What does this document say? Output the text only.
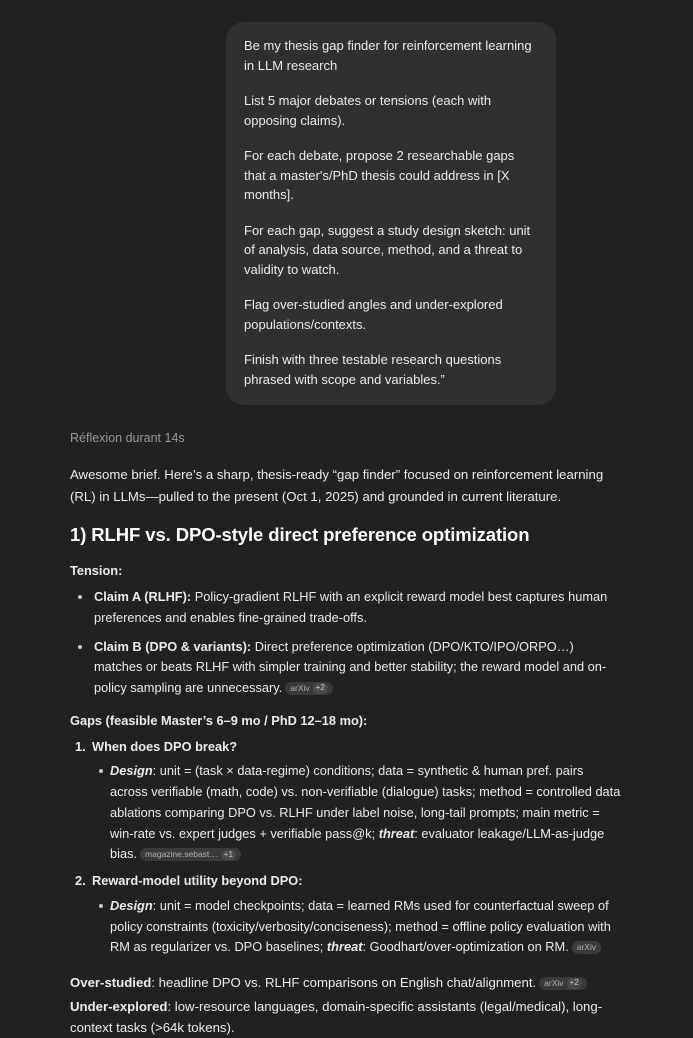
Be my thesis gap finder for reinforcement learning in LLM research

List 5 major debates or tensions (each with opposing claims).

For each debate, propose 2 researchable gaps that a master's/PhD thesis could address in [X months].

For each gap, suggest a study design sketch: unit of analysis, data source, method, and a threat to validity to watch.

Flag over-studied angles and under-explored populations/contexts.

Finish with three testable research questions phrased with scope and variables.”

Réflexion durant 14s

Awesome brief. Here’s a sharp, thesis-ready “gap finder” focused on reinforcement learning (RL) in LLMs—pulled to the present (Oct 1, 2025) and grounded in current literature.

1) RLHF vs. DPO-style direct preference optimization

Tension:

Claim A (RLHF): Policy-gradient RLHF with an explicit reward model best captures human preferences and enables fine-grained trade-offs.
Claim B (DPO & variants): Direct preference optimization (DPO/KTO/IPO/ORPO…) matches or beats RLHF with simpler training and better stability; the reward model and on-policy sampling are unnecessary. arXiv +2

Gaps (feasible Master’s 6–9 mo / PhD 12–18 mo):

When does DPO break?
Design: unit = (task × data-regime) conditions; data = synthetic & human pref. pairs across verifiable (math, code) vs. non-verifiable (dialogue) tasks; method = controlled data ablations comparing DPO vs. RLHF under label noise, long-tail prompts; main metric = win-rate vs. expert judges + verifiable pass@k; threat: evaluator leakage/LLM-as-judge bias. magazine.sebast… +1
Reward-model utility beyond DPO:
Design: unit = model checkpoints; data = learned RMs used for counterfactual sweep of policy constraints (toxicity/verbosity/conciseness); method = offline policy evaluation with RM as regularizer vs. DPO baselines; threat: Goodhart/over-optimization on RM. arXiv

Over-studied: headline DPO vs. RLHF comparisons on English chat/alignment. arXiv +2

Under-explored: low-resource languages, domain-specific assistants (legal/medical), long-context tasks (>64k tokens).
